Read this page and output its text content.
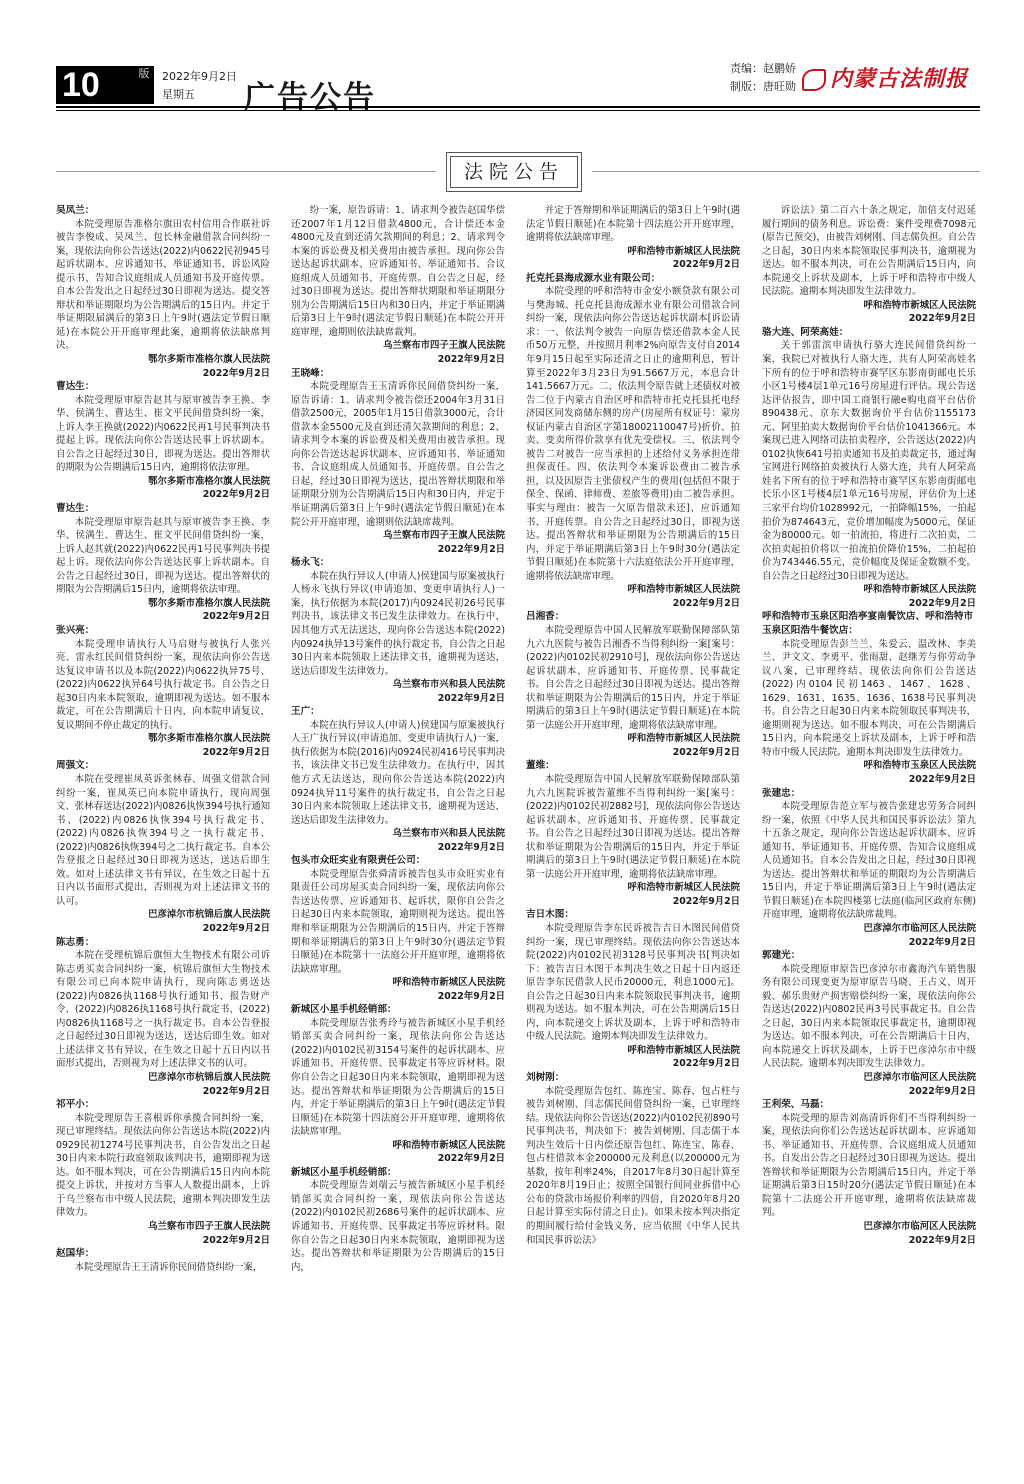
10	版	2022年9月2日
星期五 广告公告
责编：赵鹏娇
制版：唐旺勋	内蒙古法制报
法院公告
吴凤兰：
本院受理原告准格尔旗田农村信用合作联社诉被告李俊成、吴凤兰、包长林金融借款合同纠纷一案，现依法向你公告送达(2022)内0622民初945号起诉状副本、应诉通知书、举证通知书、诉讼风险提示书、告知合议庭组成人员通知书及开庭传票。自本公告发出之日起经过30日即视为送达。提交答辩状和举证期限均为公告期满后的15日内。并定于举证期限届满后的第3日上午9时(遇法定节假日顺延)在本院公开开庭审理此案，逾期将依法缺席判决。
鄂尔多斯市准格尔旗人民法院
2022年9月2日
曹达生：
本院受理原审原告赵其与原审被告李王换、李华、侯满生、曹达生、崔文平民间借贷纠纷一案，上诉人李王换就(2022)内0622民再1号民事判决书提起上诉。现依法向你公告送达民事上诉状副本。自公告之日起经过30日，即视为送达。提出答辩状的期限为公告期满后15日内，逾期将依法审理。
鄂尔多斯市准格尔旗人民法院
2022年9月2日
曹达生：
本院受理原审原告赵其与原审被告李王换、李华、侯满生、曹达生、崔文平民间借贷纠纷一案，上诉人赵其就(2022)内0622民再1号民事判决书提起上诉。现依法向你公告送达民事上诉状副本。自公告之日起经过30日，即视为送达。提出答辩状的期限为公告期满后15日内，逾期将依法审理。
鄂尔多斯市准格尔旗人民法院
2022年9月2日
张兴亮：
本院受理申请执行人马启财与被执行人张兴亮、雷永红民间借贷纠纷一案，现依法向你公告送达复议申请书以及本院(2022)内0622执异75号、(2022)内0622执异64号执行裁定书。自公告之日起30日内来本院领取，逾期即视为送达。如不服本裁定，可在公告期满后十日内，向本院申请复议，复议期间不停止裁定的执行。
鄂尔多斯市准格尔旗人民法院
2022年9月2日
周强文：
本院在受理崔凤英诉张林春、周强文借款合同纠纷一案，崔凤英已向本院申请执行，现向周强文、张林春送达(2022)内0826执恢394号执行通知书、(2022)内0826执恢394号执行裁定书、(2022)内0826执恢394号之一执行裁定书、(2022)内0826执恢394号之二执行裁定书。自本公告登报之日起经过30日即视为送达，送达后即生效。如对上述法律文书有异议，在生效之日起十五日内以书面形式提出，否则视为对上述法律文书的认可。
巴彦淖尔市杭锦后旗人民法院
2022年9月2日
陈志勇：
本院在受理杭锦后旗恒大生物技术有限公司诉陈志勇买卖合同纠纷一案，杭锦后旗恒大生物技术有限公司已向本院申请执行，现向陈志勇送达(2022)内0826执1168号执行通知书、报告财产令、(2022)内0826执1168号执行裁定书、(2022)内0826执1168号之一执行裁定书。自本公告登报之日起经过30日即视为送达，送达后即生效。如对上述法律文书有异议，在生效之日起十五日内以书面形式提出，否则视为对上述法律文书的认可。
巴彦淖尔市杭锦后旗人民法院
2022年9月2日
祁平小：
本院受理原告王喜根诉你承揽合同纠纷一案，现已审理终结。现依法向你公告送达本院(2022)内0929民初1274号民事判决书，自公告发出之日起30日内来本院行政庭领取该判决书，逾期即视为送达。如不服本判决，可在公告期满后15日内向本院提交上诉状，并按对方当事人人数提出副本，上诉于乌兰察布市中级人民法院，逾期本判决即发生法律效力。
乌兰察布市四子王旗人民法院
2022年9月2日
赵国华：
本院受理原告王王清诉你民间借贷纠纷一案，
纷一案，原告诉请：1、请求判令被告赵国华偿还2007年1月12日借款4800元，合计偿还本金4800元及直到还清欠款期间的利息；2、请求判令本案的诉讼费及相关费用由被告承担。现向你公告送达起诉状副本、应诉通知书、举证通知书、合议庭组成人员通知书、开庭传票。自公告之日起，经过30日即视为送达。提出答辩状期限和举证期限分别为公告期满后15日内和30日内，并定于举证期满后第3日上午9时(遇法定节假日顺延)在本院公开开庭审理，逾期则依法缺席裁判。
乌兰察布市四子王旗人民法院
2022年9月2日
王晓峰：
本院受理原告王玉清诉你民间借贷纠纷一案，原告诉请：1、请求判令被告偿还2004年3月31日借款2500元，2005年1月15日借款3000元，合计借款本金5500元及直到还清欠款期间的利息；2、请求判令本案的诉讼费及相关费用由被告承担。现向你公告送达起诉状副本、应诉通知书、举证通知书、合议庭组成人员通知书、开庭传票。自公告之日起，经过30日即视为送达，提出答辩状期限和举证期限分别为公告期满后15日内和30日内，并定于举证期满后第3日上午9时(遇法定节假日顺延)在本院公开开庭审理，逾期则依法缺席裁判。
乌兰察布市四子王旗人民法院
2022年9月2日
杨永飞：
本院在执行异议人(申请人)侯建国与原案被执行人杨永飞执行异议(申请追加、变更申请执行人)一案，执行依据为本院(2017)内0924民初26号民事判决书，该法律文书已发生法律效力。在执行中，因其他方式无法送达，现向你公告送达本院(2022)内0924执异13号案件的执行裁定书，自公告之日起30日内来本院领取上述法律文书，逾期视为送达，送达后即发生法律效力。
乌兰察布市兴和县人民法院
2022年9月2日
王广：
本院在执行异议人(申请人)侯建国与原案被执行人王广执行异议(申请追加、变更申请执行人)一案，执行依据为本院(2016)内0924民初416号民事判决书，该法律文书已发生法律效力。在执行中，因其他方式无法送达，现向你公告送达本院(2022)内0924执异11号案件的执行裁定书，自公告之日起30日内来本院领取上述法律文书，逾期视为送达，送达后即发生法律效力。
乌兰察布市兴和县人民法院
2022年9月2日
包头市众旺实业有限责任公司：
本院受理原告张舜清诉被告包头市众旺实业有限责任公司房屋买卖合同纠纷一案，现依法向你公告送达传票、应诉通知书、起诉状，限你自公告之日起30日内来本院领取，逾期则视为送达。提出答辩和举证期限为公告期满后的15日内，并定于答辩期和举证期满后的第3日上午9时30分(遇法定节假日顺延)在本院第十一法庭公开开庭审理，逾期将依法缺席审理。
呼和浩特市新城区人民法院
2022年9月2日
新城区小星手机经销部：
本院受理原告张秀玲与被告新城区小星手机经销部买卖合同纠纷一案，现依法向你公告送达(2022)内0102民初3154号案件的起诉状副本、应诉通知书、开庭传票、民事裁定书等应诉材料。限你自公告之日起30日内来本院领取，逾期即视为送达。提出答辩状和举证期限为公告期满后的15日内，并定于举证期满后的第3日上午9时(遇法定节假日顺延)在本院第十四法庭公开开庭审理，逾期将依法缺席审理。
呼和浩特市新城区人民法院
2022年9月2日
新城区小星手机经销部：
本院受理原告刘端云与被告新城区小星手机经销部买卖合同纠纷一案，现依法向你公告送达(2022)内0102民初2686号案件的起诉状副本、应诉通知书、开庭传票、民事裁定书等应诉材料。限你自公告之日起30日内来本院领取，逾期即视为送达。提出答辩状和举证期限为公告期满后的15日内，
并定于答辩期和举证期满后的第3日上午9时(遇法定节假日顺延)在本院第十四法庭公开开庭审理，逾期将依法缺席审理。
呼和浩特市新城区人民法院
2022年9月2日
托克托县海成源水业有限公司：
本院受理的呼和浩特市金安小额贷款有限公司与樊海城、托克托县海成源水业有限公司借款合同纠纷一案，现依法向你公告送达起诉状副本[诉讼请求：一、依法判令被告一向原告偿还借款本金人民币50万元整，并按照月利率2%向原告支付自2014年9月15日起至实际还清之日止的逾期利息，暂计算至2022年3月23日为91.5667万元，本息合计141.5667万元。二、依法判令原告就上述债权对被告二位于内蒙古自治区呼和浩特市托克托县托电经济园区同发商储东侧的房产(房屋所有权证号：蒙房权证内蒙古自治区字第18002110047号)折价、拍卖、变卖所得价款享有优先受偿权。三、依法判令被告二对被告一应当承担的上述给付义务承担连带担保责任。四、依法判令本案诉讼费由二被告承担，以及因原告主张债权产生的费用(包括但不限于保全、保函、律师费、差旅等费用)由二被告承担。事实与理由：被告一欠原告借款未还]、应诉通知书、开庭传票。自公告之日起经过30日，即视为送达。提出答辩状和举证期限为公告期满后的15日内，并定于举证期满后第3日上午9时30分(遇法定节假日顺延)在本院第十六法庭依法公开开庭审理，逾期将依法缺席审理。
呼和浩特市新城区人民法院
2022年9月2日
吕湘香：
本院受理原告中国人民解放军联勤保障部队第九六九医院与被告吕湘香不当得利纠纷一案[案号：(2022)内0102民初2910号]，现依法向你公告送达起诉状副本、应诉通知书、开庭传票、民事裁定书。自公告之日起经过30日即视为送达。提出答辩状和举证期限为公告期满后的15日内，并定于举证期满后的第3日上午9时(遇法定节假日顺延)在本院第一法庭公开开庭审理，逾期将依法缺席审理。
呼和浩特市新城区人民法院
2022年9月2日
董维：
本院受理原告中国人民解放军联勤保障部队第九六九医院诉被告董维不当得利纠纷一案[案号：(2022)内0102民初2882号]，现依法向你公告送达起诉状副本、应诉通知书、开庭传票、民事裁定书。自公告之日起经过30日即视为送达。提出答辩状和举证期限为公告期满后的15日内，并定于举证期满后的第3日上午9时(遇法定节假日顺延)在本院第一法庭公开开庭审理，逾期将依法缺席审理。
呼和浩特市新城区人民法院
2022年9月2日
吉日木图：
本院受理原告李东民诉被告吉日木图民间借贷纠纷一案，现已审理终结。现依法向你公告送达本院(2022)内0102民初3128号民事判决书[判决如下：被告吉日木图于本判决生效之日起十日内返还原告李东民借款人民币20000元，利息1000元]。自公告之日起30日内来本院领取民事判决书，逾期则视为送达。如不服本判决，可在公告期满后15日内，向本院递交上诉状及副本，上诉于呼和浩特市中级人民法院。逾期本判决即发生法律效力。
呼和浩特市新城区人民法院
2022年9月2日
刘树刚：
本院受理原告包红、陈连宝、陈春、包占柱与被告刘树刚、闫志儒民间借贷纠纷一案，已审理终结。现依法向你公告送达(2022)内0102民初890号民事判决书，判决如下：被告刘树刚、闫志儒于本判决生效后十日内偿还原告包红、陈连宝、陈春、包占柱借款本金200000元及利息(以200000元为基数，按年利率24%，自2017年8月30日起计算至2020年8月19日止；按照全国银行间同业拆借中心公布的贷款市场报价利率的四倍，自2020年8月20日起计算至实际付清之日止)。如果未按本判决指定的期间履行给付金钱义务，应当依照《中华人民共和国民事诉讼法》
诉讼法》第二百六十条之规定，加倍支付迟延履行期间的债务利息。诉讼费：案件受理费7098元(原告已预交)，由被告刘树刚、闫志儒负担。自公告之日起，30日内来本院领取民事判决书，逾期视为送达。如不服本判决，可在公告期满后15日内，向本院递交上诉状及副本，上诉于呼和浩特市中级人民法院。逾期本判决即发生法律效力。
呼和浩特市新城区人民法院
2022年9月2日
骆大连、阿荣高娃：
关于郭雷滨申请执行骆大连民间借贷纠纷一案，我院已对被执行人骆大连，共有人阿荣高娃名下所有的位于呼和浩特市赛罕区东影南街邮电长乐小区1号楼4层1单元16号房屋进行评估。现公告送达评估报告，即中国工商银行融e购电商平台估价890438元、京东大数据询价平台估价1155173元、阿里拍卖大数据询价平台估价1041366元。本案现已进入网络司法拍卖程序，公告送达(2022)内0102执恢641号拍卖通知书及拍卖裁定书，通过淘宝网进行网络拍卖被执行人骆大连，共有人阿荣高娃名下所有的位于呼和浩特市赛罕区东影南街邮电长乐小区1号楼4层1单元16号房屋，评估价为上述三家平台均价1028992元，一拍降幅15%，一拍起拍价为874643元，竞价增加幅度为5000元，保证金为80000元。如一拍流拍，将进行二次拍卖，二次拍卖起拍价将以一拍流拍价降价15%，二拍起拍价为743446.55元，竞价幅度及保证金数额不变。自公告之日起经过30日即视为送达。
呼和浩特市新城区人民法院
2022年9月2日
呼和浩特市玉泉区阳浩亭宴南餐饮店、呼和浩特市玉泉区阳浩牛餐饮店：
本院受理原告彭兰兰、朱爱云、温改林、李美兰、尹文文、李勇平、张雨甜、赵继芳与你劳动争议八案，已审理终结。现依法向你们公告送达(2022)内0104民初1463、1467、1628、1629、1631、1635、1636、1638号民事判决书。自公告之日起30日内来本院领取民事判决书，逾期则视为送达。如不服本判决，可在公告期满后15日内，向本院递交上诉状及副本，上诉于呼和浩特市中级人民法院。逾期本判决即发生法律效力。
呼和浩特市玉泉区人民法院
2022年9月2日
张建忠：
本院受理原告范立军与被告张建忠劳务合同纠纷一案，依照《中华人民共和国民事诉讼法》第九十五条之规定，现向你公告送达起诉状副本、应诉通知书、举证通知书、开庭传票，告知合议庭组成人员通知书。自本公告发出之日起，经过30日即视为送达。提出答辩状和举证的期限均为公告期满后15日内，并定于举证期满后第3日上午9时(遇法定节假日顺延)在本院四楼第七法庭(临河区政府东侧)开庭审理，逾期将依法缺席裁判。
巴彦淖尔市临河区人民法院
2022年9月2日
郭建光：
本院受理原审原告巴彦淖尔市鑫海汽车销售服务有限公司现变更为原审原告马晓、王占义、周开毅、郝乐贵财产损害赔偿纠纷一案，现依法向你公告送达(2022)内0802民再3号民事裁定书。自公告之日起，30日内来本院领取民事裁定书，逾期即视为送达。如不服本判决，可在公告期满后十日内，向本院递交上诉状及副本，上诉于巴彦淖尔市中级人民法院。逾期本判决即发生法律效力。
巴彦淖尔市临河区人民法院
2022年9月2日
王利荣、马磊：
本院受理的原告刘高清诉你们不当得利纠纷一案，现依法向你们公告送达起诉状副本、应诉通知书、举证通知书、开庭传票、合议庭组成人员通知书。自发出公告之日起经过30日即视为送达。提出答辩状和举证期限为公告期满后15日内，并定于举证期满后第3日15时20分(遇法定节假日顺延)在本院第十二法庭公开开庭审理，逾期将依法缺席裁判。
巴彦淖尔市临河区人民法院
2022年9月2日
